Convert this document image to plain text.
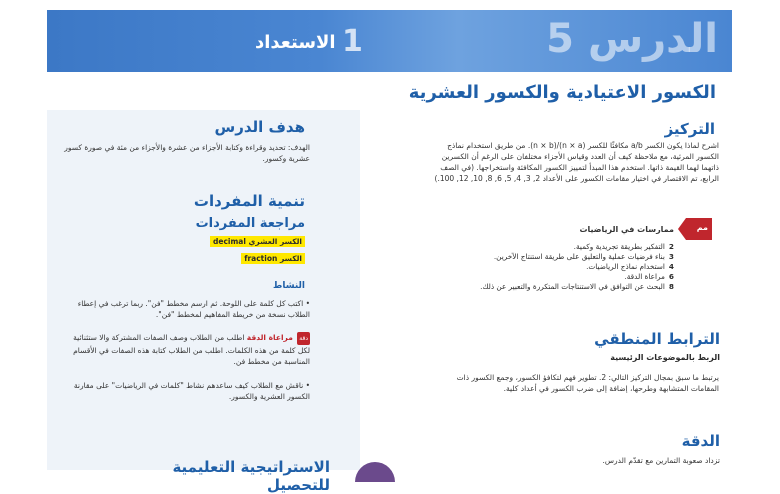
الدرس 5
1
الاستعداد
الكسور الاعتيادية والكسور العشرية
هدف الدرس
الهدف: تحديد وقراءة وكتابة الأجزاء من عشرة والأجزاء من مئة في صورة كسور عشرية وكسور.
تنمية المفردات
مراجعة المفردات
الكسر العشري decimal
الكسر fraction
النشاط
• اكتب كل كلمة على اللوحة. ثم ارسم مخطط "فن". ربما ترغب في إعطاء الطلاب نسخة من خريطة المفاهيم لمخطط "فن".
دقة مراعاة الدقة اطلب من الطلاب وصف الصفات المشتركة والا ستثنائية لكل كلمة من هذه الكلمات. اطلب من الطلاب كتابة هذه الصفات في الأقسام المناسبة من مخطط فن.
• ناقش مع الطلاب كيف ساعدهم نشاط "كلمات في الرياضيات" على مقارنة الكسور العشرية والكسور.
الاستراتيجية التعليمية للتحصيل
التركيز
اشرح لماذا يكون الكسر a/b مكافئًا للكسر (n × a)/(n × b). من طريق استخدام نماذج الكسور المرئية، مع ملاحظة كيف أن العدد وقياس الأجزاء مختلفان على الرغم أن الكسرين ذاتهما لهما القيمة ذاتها. استخدم هذا المبدأ لتمييز الكسور المكافئة واستخراجها. (في الصف الرابع، تم الاقتصار في اختيار مقامات الكسور على الأعداد 2, 3, 4, 5, 6, 8, 10, 12, 100.)
مم
ممارسات في الرياضيات
2التفكير بطريقة تجريدية وكمية.
3بناء فرضيات عملية والتعليق على طريقة استنتاج الآخرين.
4استخدام نماذج الرياضيات.
6مراعاة الدقة.
8البحث عن التوافق في الاستنتاجات المتكررة والتعبير عن ذلك.
الترابط المنطقي
الربط بالموضوعات الرئيسية
يرتبط ما سبق بمجال التركيز التالي: 2. تطوير فهم لتكافؤ الكسور، وجمع الكسور ذات المقامات المتشابهة وطرحها، إضافة إلى ضرب الكسور في أعداد كلية.
الدقة
تزداد صعوبة التمارين مع تقدّم الدرس.
